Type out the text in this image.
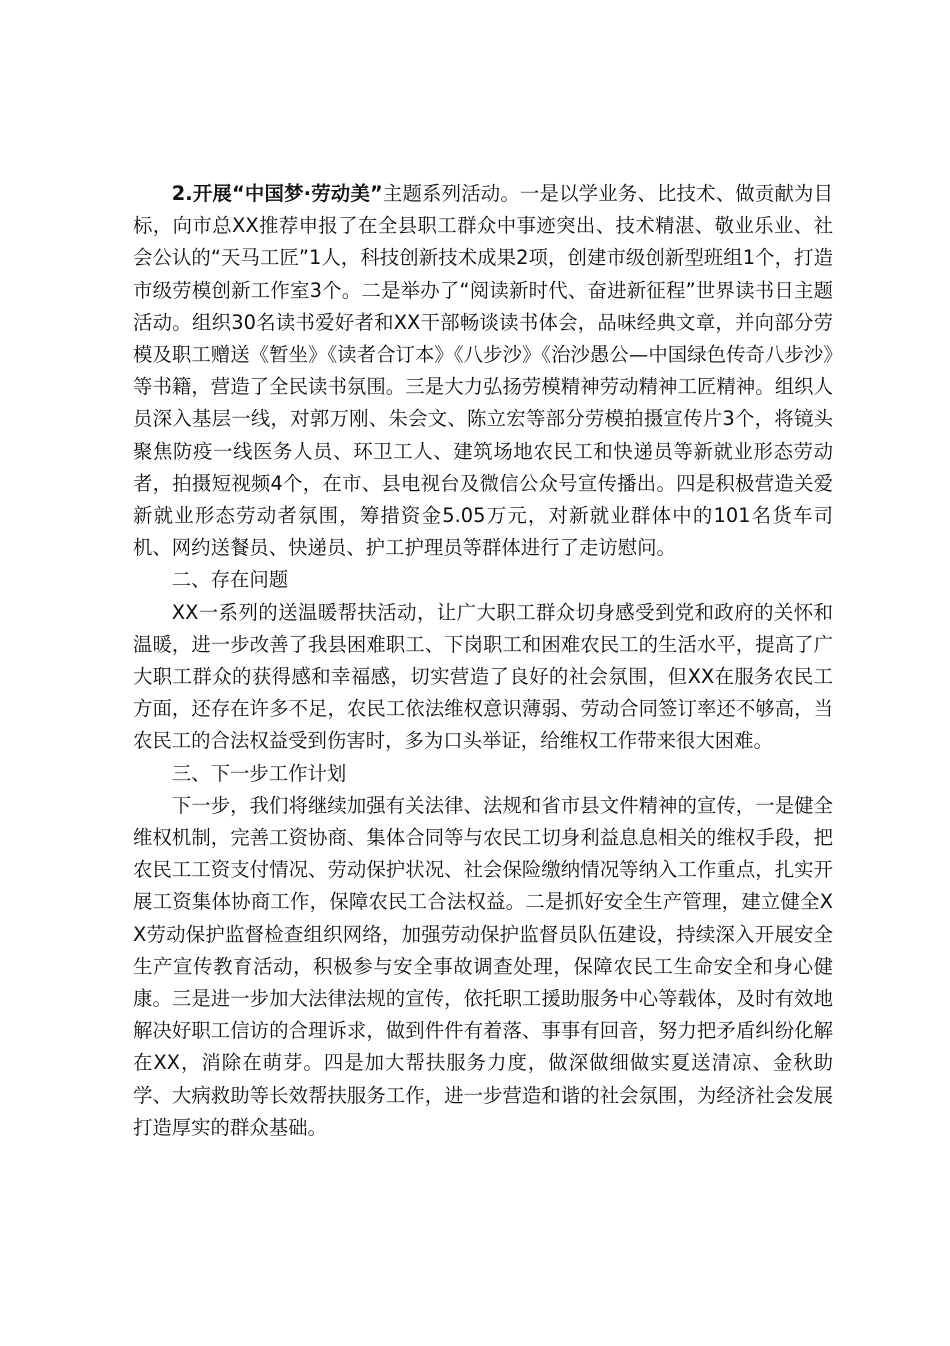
2.开展“中国梦·劳动美”主题系列活动。一是以学业务、比技术、做贡献为目标，向市总XX推荐申报了在全县职工群众中事迹突出、技术精湛、敬业乐业、社会公认的“天马工匠”1人，科技创新技术成果2项，创建市级创新型班组1个，打造市级劳模创新工作室3个。二是举办了“阅读新时代、奋进新征程”世界读书日主题活动。组织30名读书爱好者和XX干部畅谈读书体会，品味经典文章，并向部分劳模及职工赠送《暂坐》《读者合订本》《八步沙》《治沙愚公—中国绿色传奇八步沙》等书籍，营造了全民读书氛围。三是大力弘扬劳模精神劳动精神工匠精神。组织人员深入基层一线，对郭万刚、朱会文、陈立宏等部分劳模拍摄宣传片3个，将镜头聚焦防疫一线医务人员、环卫工人、建筑场地农民工和快递员等新就业形态劳动者，拍摄短视频4个，在市、县电视台及微信公众号宣传播出。四是积极营造关爱新就业形态劳动者氛围，筹措资金5.05万元，对新就业群体中的101名货车司机、网约送餐员、快递员、护工护理员等群体进行了走访慰问。

二、存在问题

XX一系列的送温暖帮扶活动，让广大职工群众切身感受到党和政府的关怀和温暖，进一步改善了我县困难职工、下岗职工和困难农民工的生活水平，提高了广大职工群众的获得感和幸福感，切实营造了良好的社会氛围，但XX在服务农民工方面，还存在许多不足，农民工依法维权意识薄弱、劳动合同签订率还不够高，当农民工的合法权益受到伤害时，多为口头举证，给维权工作带来很大困难。

三、下一步工作计划

下一步，我们将继续加强有关法律、法规和省市县文件精神的宣传，一是健全维权机制，完善工资协商、集体合同等与农民工切身利益息息相关的维权手段，把农民工工资支付情况、劳动保护状况、社会保险缴纳情况等纳入工作重点，扎实开展工资集体协商工作，保障农民工合法权益。二是抓好安全生产管理，建立健全XX劳动保护监督检查组织网络，加强劳动保护监督员队伍建设，持续深入开展安全生产宣传教育活动，积极参与安全事故调查处理，保障农民工生命安全和身心健康。三是进一步加大法律法规的宣传，依托职工援助服务中心等载体，及时有效地解决好职工信访的合理诉求，做到件件有着落、事事有回音，努力把矛盾纠纷化解在XX，消除在萌芽。四是加大帮扶服务力度，做深做细做实夏送清凉、金秋助学、大病救助等长效帮扶服务工作，进一步营造和谐的社会氛围，为经济社会发展打造厚实的群众基础。
